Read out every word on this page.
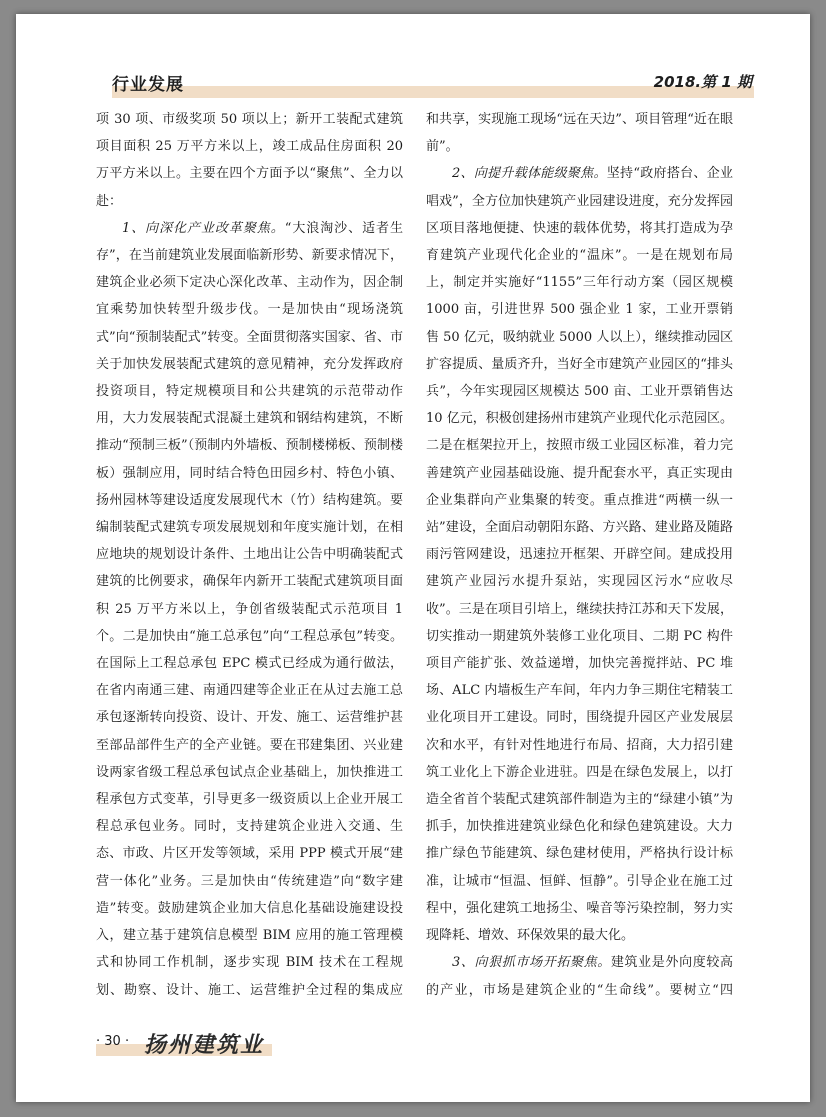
行业发展	2018.第 1 期

项 30 项、市级奖项 50 项以上；新开工装配式建筑项目面积 25 万平方米以上，竣工成品住房面积 20 万平方米以上。主要在四个方面予以“聚焦”、全力以赴：

1、向深化产业改革聚焦。“大浪淘沙、适者生存”，在当前建筑业发展面临新形势、新要求情况下，建筑企业必须下定决心深化改革、主动作为，因企制宜乘势加快转型升级步伐。一是加快由“现场浇筑式”向“预制装配式”转变。全面贯彻落实国家、省、市关于加快发展装配式建筑的意见精神，充分发挥政府投资项目，特定规模项目和公共建筑的示范带动作用，大力发展装配式混凝土建筑和钢结构建筑，不断推动“预制三板”（预制内外墙板、预制楼梯板、预制楼板）强制应用，同时结合特色田园乡村、特色小镇、扬州园林等建设适度发展现代木（竹）结构建筑。要编制装配式建筑专项发展规划和年度实施计划，在相应地块的规划设计条件、土地出让公告中明确装配式建筑的比例要求，确保年内新开工装配式建筑项目面积 25 万平方米以上，争创省级装配式示范项目 1 个。二是加快由“施工总承包”向“工程总承包”转变。在国际上工程总承包 EPC 模式已经成为通行做法，在省内南通三建、南通四建等企业正在从过去施工总承包逐渐转向投资、设计、开发、施工、运营维护甚至部品部件生产的全产业链。要在邗建集团、兴业建设两家省级工程总承包试点企业基础上，加快推进工程承包方式变革，引导更多一级资质以上企业开展工程总承包业务。同时，支持建筑企业进入交通、生态、市政、片区开发等领域，采用 PPP 模式开展“建营一体化”业务。三是加快由“传统建造”向“数字建造”转变。鼓励建筑企业加大信息化基础设施建设投入，建立基于建筑信息模型 BIM 应用的施工管理模式和协同工作机制，逐步实现 BIM 技术在工程规划、勘察、设计、施工、运营维护全过程的集成应

和共享，实现施工现场“远在天边”、项目管理“近在眼前”。

2、向提升载体能级聚焦。坚持“政府搭台、企业唱戏”，全方位加快建筑产业园建设进度，充分发挥园区项目落地便捷、快速的载体优势，将其打造成为孕育建筑产业现代化企业的“温床”。一是在规划布局上，制定并实施好“1155”三年行动方案（园区规模 1000 亩，引进世界 500 强企业 1 家，工业开票销售 50 亿元，吸纳就业 5000 人以上），继续推动园区扩容提质、量质齐升，当好全市建筑产业园区的“排头兵”，今年实现园区规模达 500 亩、工业开票销售达 10 亿元，积极创建扬州市建筑产业现代化示范园区。二是在框架拉开上，按照市级工业园区标准，着力完善建筑产业园基础设施、提升配套水平，真正实现由企业集群向产业集聚的转变。重点推进“两横一纵一站”建设，全面启动朝阳东路、方兴路、建业路及随路雨污管网建设，迅速拉开框架、开辟空间。建成投用建筑产业园污水提升泵站，实现园区污水“应收尽收”。三是在项目引培上，继续扶持江苏和天下发展，切实推动一期建筑外装修工业化项目、二期 PC 构件项目产能扩张、效益递增，加快完善搅拌站、PC 堆场、ALC 内墙板生产车间，年内力争三期住宅精装工业化项目开工建设。同时，围绕提升园区产业发展层次和水平，有针对性地进行布局、招商，大力招引建筑工业化上下游企业进驻。四是在绿色发展上，以打造全省首个装配式建筑部件制造为主的“绿建小镇”为抓手，加快推进建筑业绿色化和绿色建筑建设。大力推广绿色节能建筑、绿色建材使用，严格执行设计标准，让城市“恒温、恒鲜、恒静”。引导企业在施工过程中，强化建筑工地扬尘、噪音等污染控制，努力实现降耗、增效、环保效果的最大化。

3、向狠抓市场开拓聚焦。建筑业是外向度较高的产业，市场是建筑企业的“生命线”。要树立“四

· 30 · 扬州建筑业
